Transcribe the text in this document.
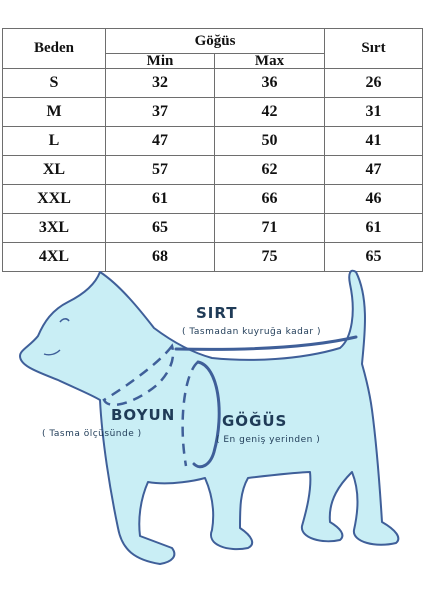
Beden	Göğüs		Sırt
	Min	Max	
S	32	36	26
M	37	42	31
L	47	50	41
XL	57	62	47
XXL	61	66	46
3XL	65	71	61
4XL	68	75	65
SIRT
( Tasmadan kuyruğa kadar )
BOYUN
( Tasma ölçüsünde )
GÖĞÜS
( En geniş yerinden )
